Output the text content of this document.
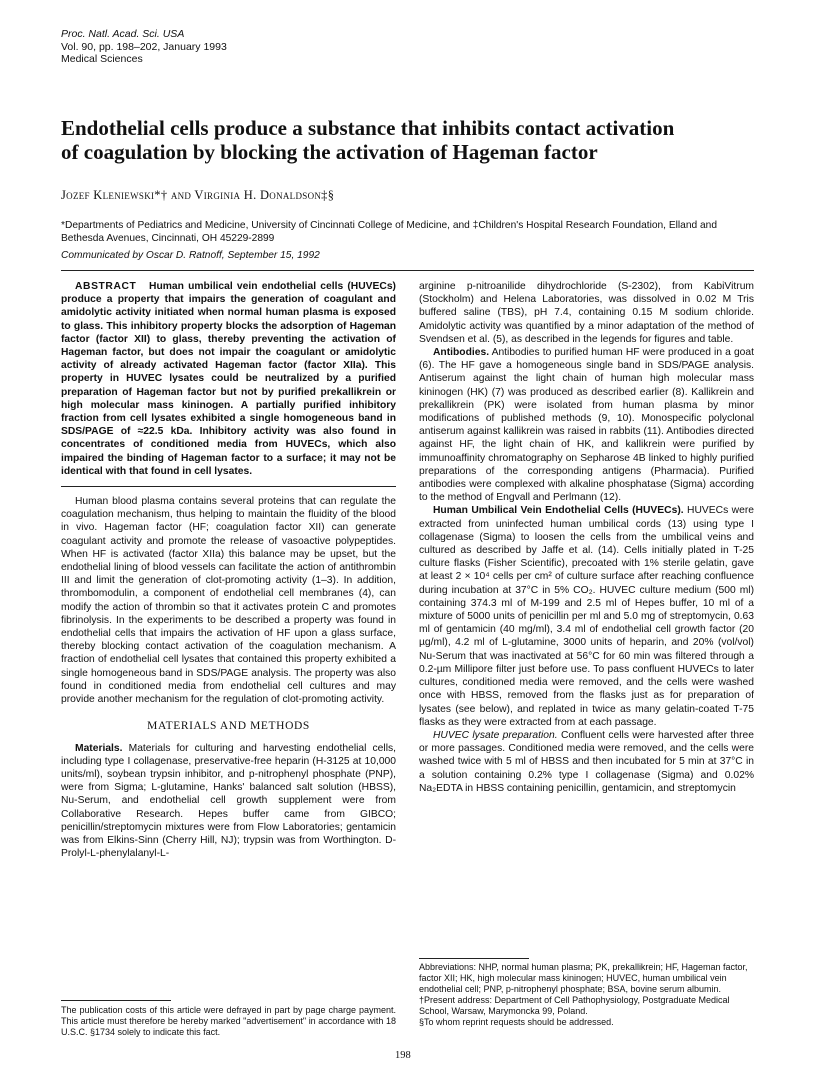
Proc. Natl. Acad. Sci. USA
Vol. 90, pp. 198–202, January 1993
Medical Sciences
Endothelial cells produce a substance that inhibits contact activation of coagulation by blocking the activation of Hageman factor
Jozef Kleniewski*† and Virginia H. Donaldson‡§
*Departments of Pediatrics and Medicine, University of Cincinnati College of Medicine, and ‡Children's Hospital Research Foundation, Elland and Bethesda Avenues, Cincinnati, OH 45229-2899
Communicated by Oscar D. Ratnoff, September 15, 1992

ABSTRACT Human umbilical vein endothelial cells (HUVECs) produce a property that impairs the generation of coagulant and amidolytic activity initiated when normal human plasma is exposed to glass. This inhibitory property blocks the adsorption of Hageman factor (factor XII) to glass, thereby preventing the activation of Hageman factor, but does not impair the coagulant or amidolytic activity of already activated Hageman factor (factor XIIa). This property in HUVEC lysates could be neutralized by a purified preparation of Hageman factor but not by purified prekallikrein or high molecular mass kininogen. A partially purified inhibitory fraction from cell lysates exhibited a single homogeneous band in SDS/PAGE of ≈22.5 kDa. Inhibitory activity was also found in concentrates of conditioned media from HUVECs, which also impaired the binding of Hageman factor to a surface; it may not be identical with that found in cell lysates.

Human blood plasma contains several proteins that can regulate the coagulation mechanism, thus helping to maintain the fluidity of the blood in vivo. Hageman factor (HF; coagulation factor XII) can generate coagulant activity and promote the release of vasoactive polypeptides. When HF is activated (factor XIIa) this balance may be upset, but the endothelial lining of blood vessels can facilitate the action of antithrombin III and limit the generation of clot-promoting activity (1–3). In addition, thrombomodulin, a component of endothelial cell membranes (4), can modify the action of thrombin so that it activates protein C and promotes fibrinolysis. In the experiments to be described a property was found in endothelial cells that impairs the activation of HF upon a glass surface, thereby blocking contact activation of the coagulation mechanism. A fraction of endothelial cell lysates that contained this property exhibited a single homogeneous band in SDS/PAGE analysis. The property was also found in conditioned media from endothelial cell cultures and may provide another mechanism for the regulation of clot-promoting activity.

MATERIALS AND METHODS

Materials. Materials for culturing and harvesting endothelial cells, including type I collagenase, preservative-free heparin (H-3125 at 10,000 units/ml), soybean trypsin inhibitor, and p-nitrophenyl phosphate (PNP), were from Sigma; L-glutamine, Hanks' balanced salt solution (HBSS), Nu-Serum, and endothelial cell growth supplement were from Collaborative Research. Hepes buffer came from GIBCO; penicillin/streptomycin mixtures were from Flow Laboratories; gentamicin was from Elkins-Sinn (Cherry Hill, NJ); trypsin was from Worthington. D-Prolyl-L-phenylalanyl-L-

The publication costs of this article were defrayed in part by page charge payment. This article must therefore be hereby marked "advertisement" in accordance with 18 U.S.C. §1734 solely to indicate this fact.

arginine p-nitroanilide dihydrochloride (S-2302), from KabiVitrum (Stockholm) and Helena Laboratories, was dissolved in 0.02 M Tris buffered saline (TBS), pH 7.4, containing 0.15 M sodium chloride. Amidolytic activity was quantified by a minor adaptation of the method of Svendsen et al. (5), as described in the legends for figures and table.

Antibodies. Antibodies to purified human HF were produced in a goat (6). The HF gave a homogeneous single band in SDS/PAGE analysis. Antiserum against the light chain of human high molecular mass kininogen (HK) (7) was produced as described earlier (8). Kallikrein and prekallikrein (PK) were isolated from human plasma by minor modifications of published methods (9, 10). Monospecific polyclonal antiserum against kallikrein was raised in rabbits (11). Antibodies directed against HF, the light chain of HK, and kallikrein were purified by immunoaffinity chromatography on Sepharose 4B linked to highly purified preparations of the corresponding antigens (Pharmacia). Purified antibodies were complexed with alkaline phosphatase (Sigma) according to the method of Engvall and Perlmann (12).

Human Umbilical Vein Endothelial Cells (HUVECs). HUVECs were extracted from uninfected human umbilical cords (13) using type I collagenase (Sigma) to loosen the cells from the umbilical veins and cultured as described by Jaffe et al. (14). Cells initially plated in T-25 culture flasks (Fisher Scientific), precoated with 1% sterile gelatin, gave at least 2 × 10⁴ cells per cm² of culture surface after reaching confluence during incubation at 37°C in 5% CO₂. HUVEC culture medium (500 ml) containing 374.3 ml of M-199 and 2.5 ml of Hepes buffer, 10 ml of a mixture of 5000 units of penicillin per ml and 5.0 mg of streptomycin, 0.63 ml of gentamicin (40 mg/ml), 3.4 ml of endothelial cell growth factor (20 µg/ml), 4.2 ml of L-glutamine, 3000 units of heparin, and 20% (vol/vol) Nu-Serum that was inactivated at 56°C for 60 min was filtered through a 0.2-µm Millipore filter just before use. To pass confluent HUVECs to later cultures, conditioned media were removed, and the cells were washed once with HBSS, removed from the flasks just as for preparation of lysates (see below), and replated in twice as many gelatin-coated T-75 flasks as they were extracted from at each passage.

HUVEC lysate preparation. Confluent cells were harvested after three or more passages. Conditioned media were removed, and the cells were washed twice with 5 ml of HBSS and then incubated for 5 min at 37°C in a solution containing 0.2% type I collagenase (Sigma) and 0.02% Na₂EDTA in HBSS containing penicillin, gentamicin, and streptomycin

Abbreviations: NHP, normal human plasma; PK, prekallikrein; HF, Hageman factor, factor XII; HK, high molecular mass kininogen; HUVEC, human umbilical vein endothelial cell; PNP, p-nitrophenyl phosphate; BSA, bovine serum albumin.

†Present address: Department of Cell Pathophysiology, Postgraduate Medical School, Warsaw, Marymoncka 99, Poland.

§To whom reprint requests should be addressed.

198
